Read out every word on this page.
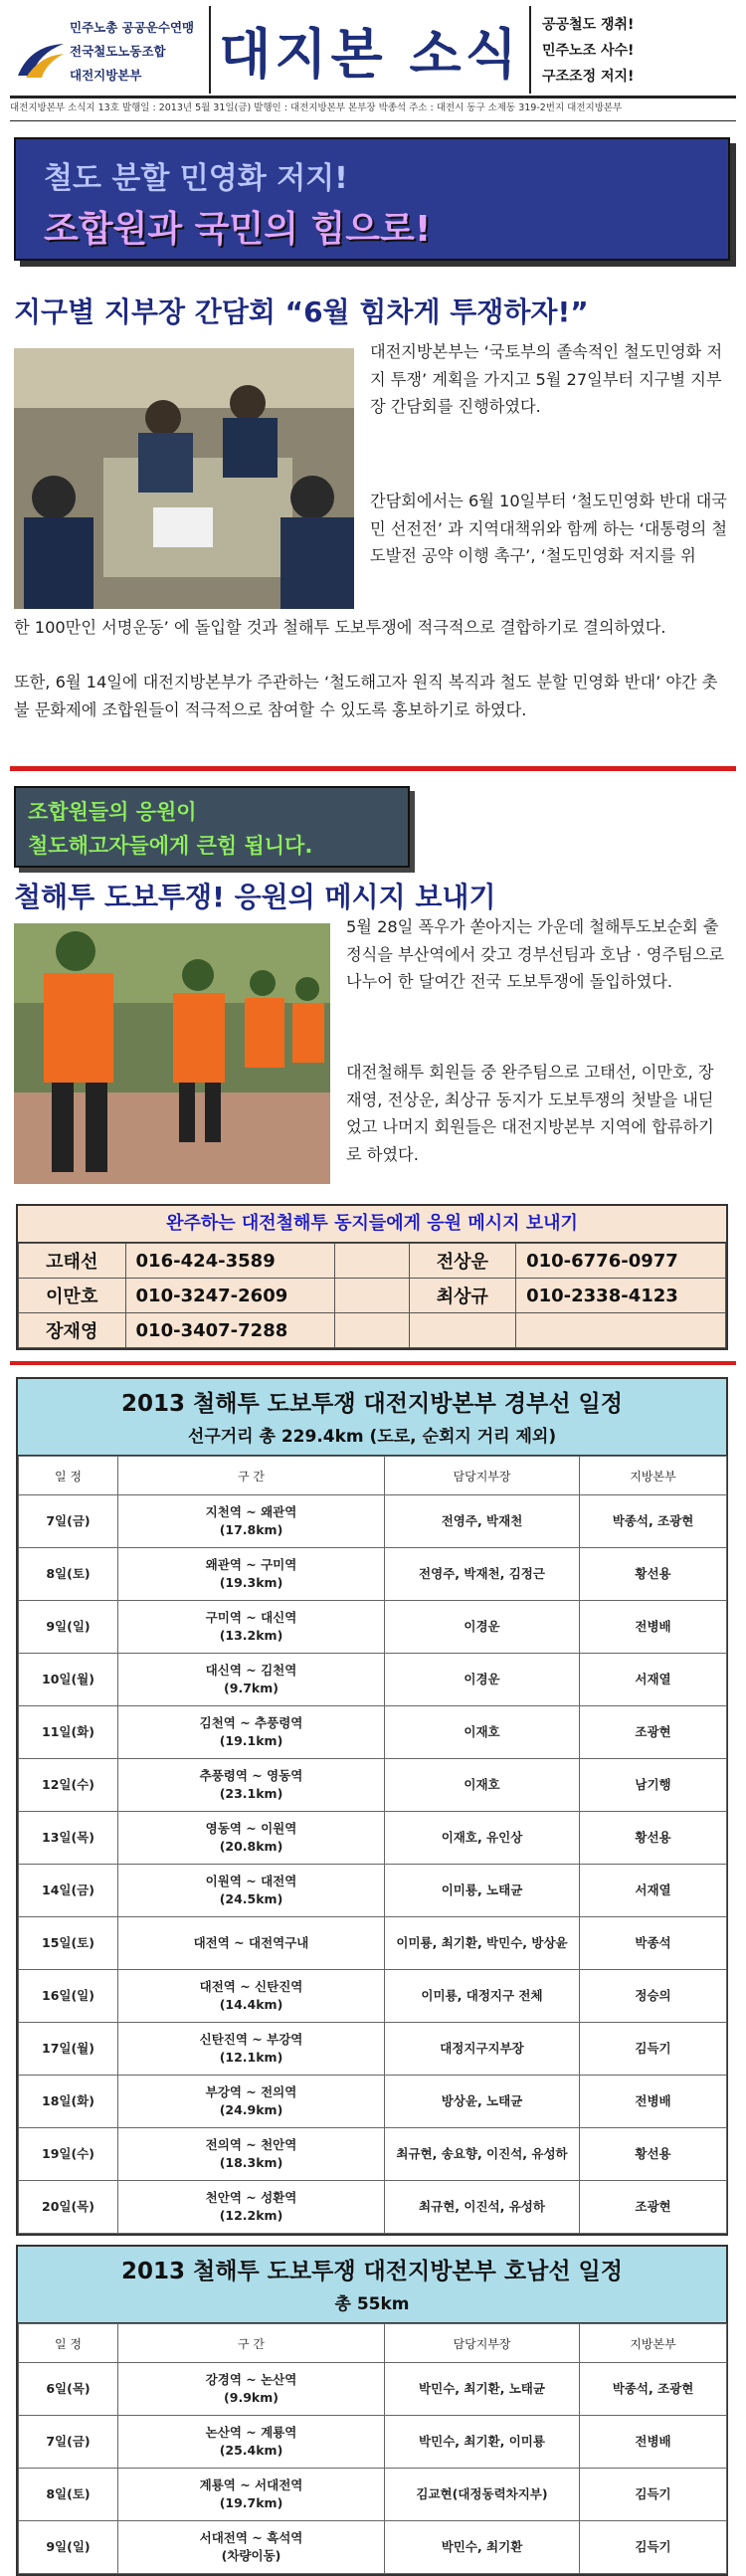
민주노총 공공운수연맹
전국철도노동조합
대전지방본부 대지본 소식 공공철도 쟁취!
민주노조 사수!
구조조정 저지!
대전지방본부 소식지 13호 발행일 : 2013년 5월 31일(금) 발행인 : 대전지방본부 본부장 박종석 주소 : 대전시 동구 소제동 319-2번지 대전지방본부
철도 분할 민영화 저지!
조합원과 국민의 힘으로!
지구별 지부장 간담회 “6월 힘차게 투쟁하자!”
대전지방본부는 ‘국토부의 졸속적인 철도민영화 저지 투쟁’ 계획을 가지고 5월 27일부터 지구별 지부장 간담회를 진행하였다.
간담회에서는 6월 10일부터 ‘철도민영화 반대 대국민 선전전’ 과 지역대책위와 함께 하는 ‘대통령의 철도발전 공약 이행 촉구’, ‘철도민영화 저지를 위
한 100만인 서명운동’ 에 돌입할 것과 철해투 도보투쟁에 적극적으로 결합하기로 결의하였다.
또한, 6월 14일에 대전지방본부가 주관하는 ‘철도해고자 원직 복직과 철도 분할 민영화 반대’ 야간 촛불 문화제에 조합원들이 적극적으로 참여할 수 있도록 홍보하기로 하였다.
조합원들의 응원이
철도해고자들에게 큰힘 됩니다.
철해투 도보투쟁! 응원의 메시지 보내기
5월 28일 폭우가 쏟아지는 가운데 철해투도보순회 출정식을 부산역에서 갖고 경부선팀과 호남 · 영주팀으로 나누어 한 달여간 전국 도보투쟁에 돌입하였다.
대전철해투 회원들 중 완주팀으로 고태선, 이만호, 장재영, 전상운, 최상규 동지가 도보투쟁의 첫발을 내딛었고 나머지 회원들은 대전지방본부 지역에 합류하기로 하였다.
완주하는 대전철해투 동지들에게 응원 메시지 보내기
고태선	016-424-3589		전상운	010-6776-0977
이만호	010-3247-2609		최상규	010-2338-4123
장재영	010-3407-7288			
2013 철해투 도보투쟁 대전지방본부 경부선 일정
선구거리 총 229.4km (도로, 순회지 거리 제외)
일 정	구 간	담당지부장	지방본부
7일(금)	지천역 ~ 왜관역
(17.8km)	전영주, 박재천	박종석, 조광현
8일(토)	왜관역 ~ 구미역
(19.3km)	전영주, 박재천, 김정근	황선용
9일(일)	구미역 ~ 대신역
(13.2km)	이경운	전병배
10일(월)	대신역 ~ 김천역
(9.7km)	이경운	서재열
11일(화)	김천역 ~ 추풍령역
(19.1km)	이재호	조광현
12일(수)	추풍령역 ~ 영동역
(23.1km)	이재호	남기행
13일(목)	영동역 ~ 이원역
(20.8km)	이재호, 유인상	황선용
14일(금)	이원역 ~ 대전역
(24.5km)	이미룡, 노태균	서재열
15일(토)	대전역 ~ 대전역구내	이미룡, 최기환, 박민수, 방상윤	박종석
16일(일)	대전역 ~ 신탄진역
(14.4km)	이미룡, 대정지구 전체	정승의
17일(월)	신탄진역 ~ 부강역
(12.1km)	대정지구지부장	김득기
18일(화)	부강역 ~ 전의역
(24.9km)	방상윤, 노태균	전병배
19일(수)	전의역 ~ 천안역
(18.3km)	최규현, 송요향, 이진석, 유성하	황선용
20일(목)	천안역 ~ 성환역
(12.2km)	최규현, 이진석, 유성하	조광현
2013 철해투 도보투쟁 대전지방본부 호남선 일정
총 55km
일 정	구 간	담당지부장	지방본부
6일(목)	강경역 ~ 논산역
(9.9km)	박민수, 최기환, 노태균	박종석, 조광현
7일(금)	논산역 ~ 계룡역
(25.4km)	박민수, 최기환, 이미룡	전병배
8일(토)	계룡역 ~ 서대전역
(19.7km)	김교현(대정동력차지부)	김득기
9일(일)	서대전역 ~ 흑석역
(차량이동)	박민수, 최기환	김득기
